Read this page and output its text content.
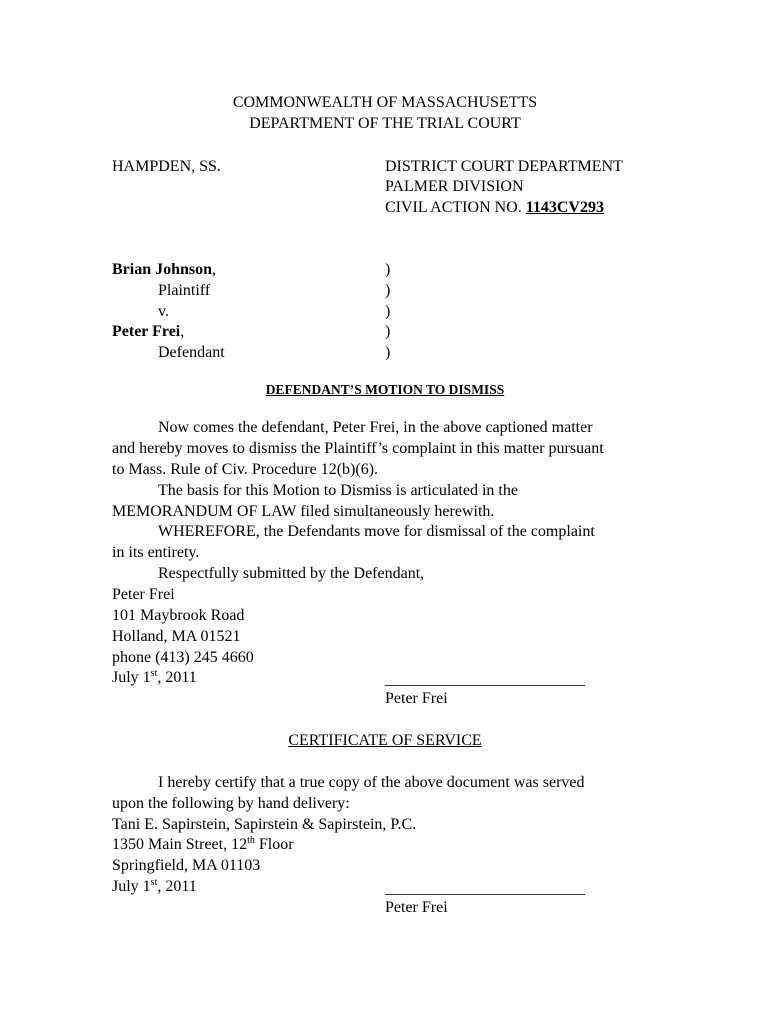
COMMONWEALTH OF MASSACHUSETTS
DEPARTMENT OF THE TRIAL COURT
HAMPDEN, SS.	DISTRICT COURT DEPARTMENT
PALMER DIVISION
CIVIL ACTION NO. 1143CV293
Brian Johnson,
Plaintiff
v.
Peter Frei,
Defendant
)
)
)
)
)
DEFENDANT’S MOTION TO DISMISS
Now comes the defendant, Peter Frei, in the above captioned matter
and hereby moves to dismiss the Plaintiff’s complaint in this matter pursuant
to Mass. Rule of Civ. Procedure 12(b)(6).
The basis for this Motion to Dismiss is articulated in the
MEMORANDUM OF LAW filed simultaneously herewith.
WHEREFORE, the Defendants move for dismissal of the complaint
in its entirety.
Respectfully submitted by the Defendant,
Peter Frei
101 Maybrook Road
Holland, MA 01521
phone (413) 245 4660
July 1st, 2011	_________________________
Peter Frei
CERTIFICATE OF SERVICE
I hereby certify that a true copy of the above document was served
upon the following by hand delivery:
Tani E. Sapirstein, Sapirstein & Sapirstein, P.C.
1350 Main Street, 12th Floor
Springfield, MA 01103
July 1st, 2011	_________________________
Peter Frei
